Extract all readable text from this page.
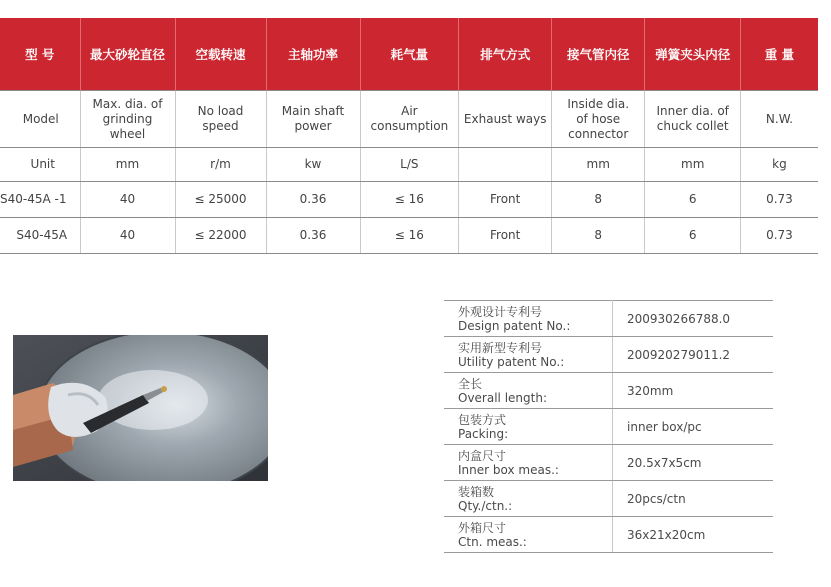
型 号	最大砂轮直径	空载转速	主轴功率	耗气量	排气方式	接气管内径	弹簧夹头内径	重 量
Model	Max. dia. of grinding wheel	No load speed	Main shaft power	Air consumption	Exhaust ways	Inside dia. of hose connector	Inner dia. of chuck collet	N.W.
Unit	mm	r/m	kw	L/S		mm	mm	kg
S40-45A -1	40	≤ 25000	0.36	≤ 16	Front	8	6	0.73
S40-45A	40	≤ 22000	0.36	≤ 16	Front	8	6	0.73
外观设计专利号
Design patent No.:	200930266788.0

实用新型专利号
Utility patent No.:	200920279011.2

全长
Overall length:	320mm

包装方式
Packing:	inner box/pc

内盒尺寸
Inner box meas.:	20.5x7x5cm

装箱数
Qty./ctn.:	20pcs/ctn

外箱尺寸
Ctn. meas.:	36x21x20cm
